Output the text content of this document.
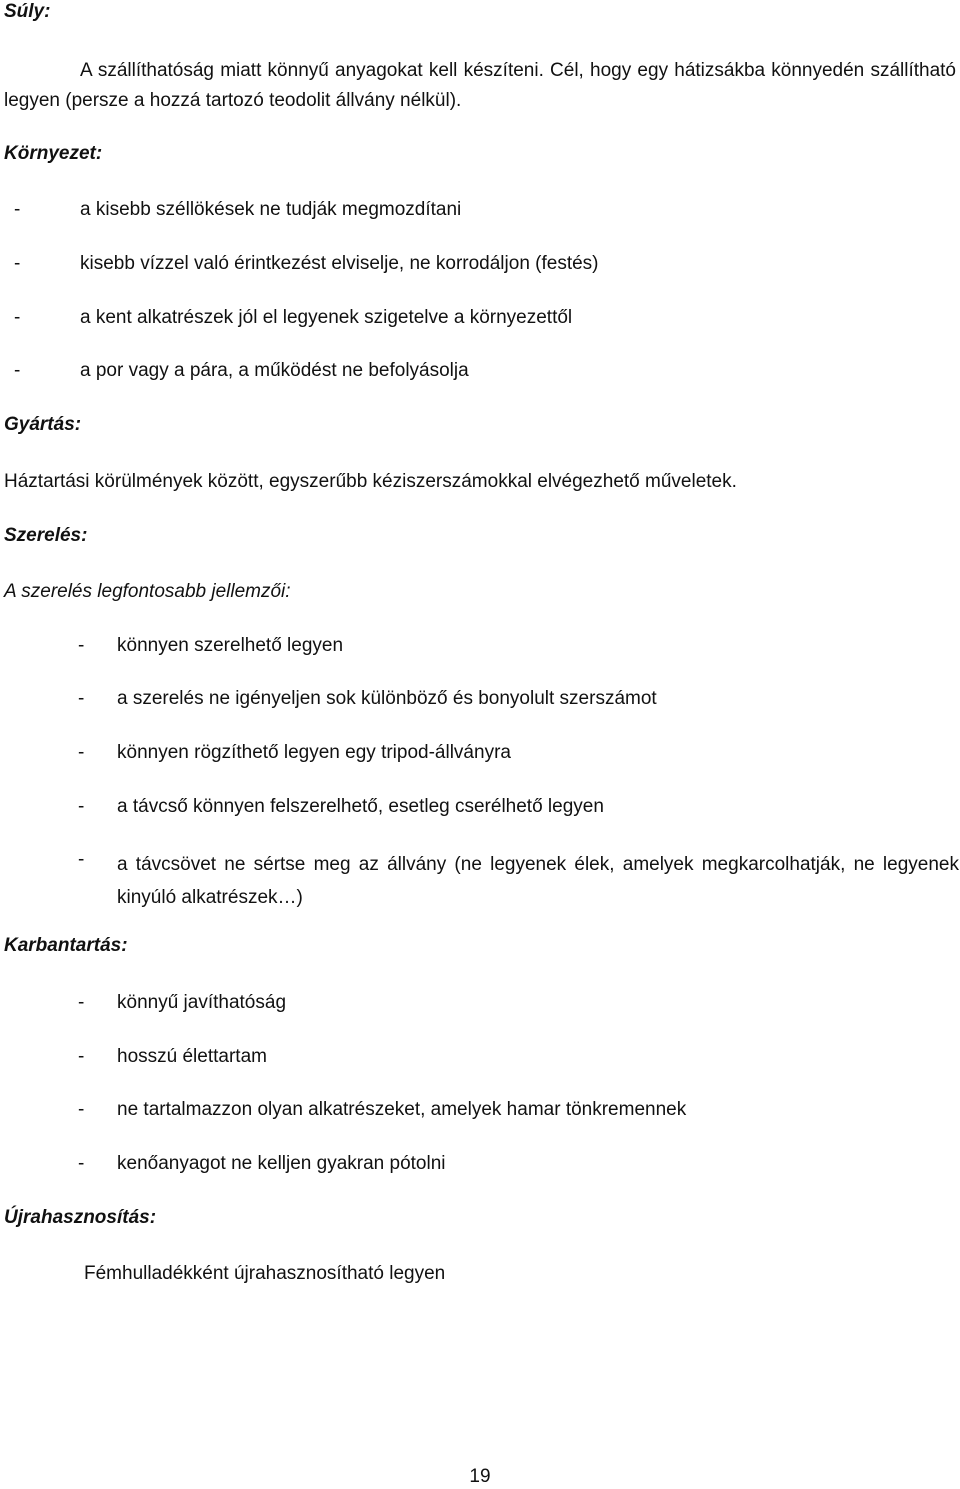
Súly:
A szállíthatóság miatt könnyű anyagokat kell készíteni. Cél, hogy egy hátizsákba könnyedén szállítható legyen (persze a hozzá tartozó teodolit állvány nélkül).
Környezet:
-	a kisebb széllökések ne tudják megmozdítani
-	kisebb vízzel való érintkezést elviselje, ne korrodáljon (festés)
-	a kent alkatrészek jól el legyenek szigetelve a környezettől
-	a por vagy a pára, a működést ne befolyásolja
Gyártás:
Háztartási körülmények között, egyszerűbb kéziszerszámokkal elvégezhető műveletek.
Szerelés:
A szerelés legfontosabb jellemzői:
- könnyen szerelhető legyen
- a szerelés ne igényeljen sok különböző és bonyolult szerszámot
- könnyen rögzíthető legyen egy tripod-állványra
- a távcső könnyen felszerelhető, esetleg cserélhető legyen
- a távcsövet ne sértse meg az állvány (ne legyenek élek, amelyek megkarcolhatják, ne legyenek kinyúló alkatrészek…)
Karbantartás:
- könnyű javíthatóság
- hosszú élettartam
- ne tartalmazzon olyan alkatrészeket, amelyek hamar tönkremennek
- kenőanyagot ne kelljen gyakran pótolni
Újrahasznosítás:
Fémhulladékként újrahasznosítható legyen
19
